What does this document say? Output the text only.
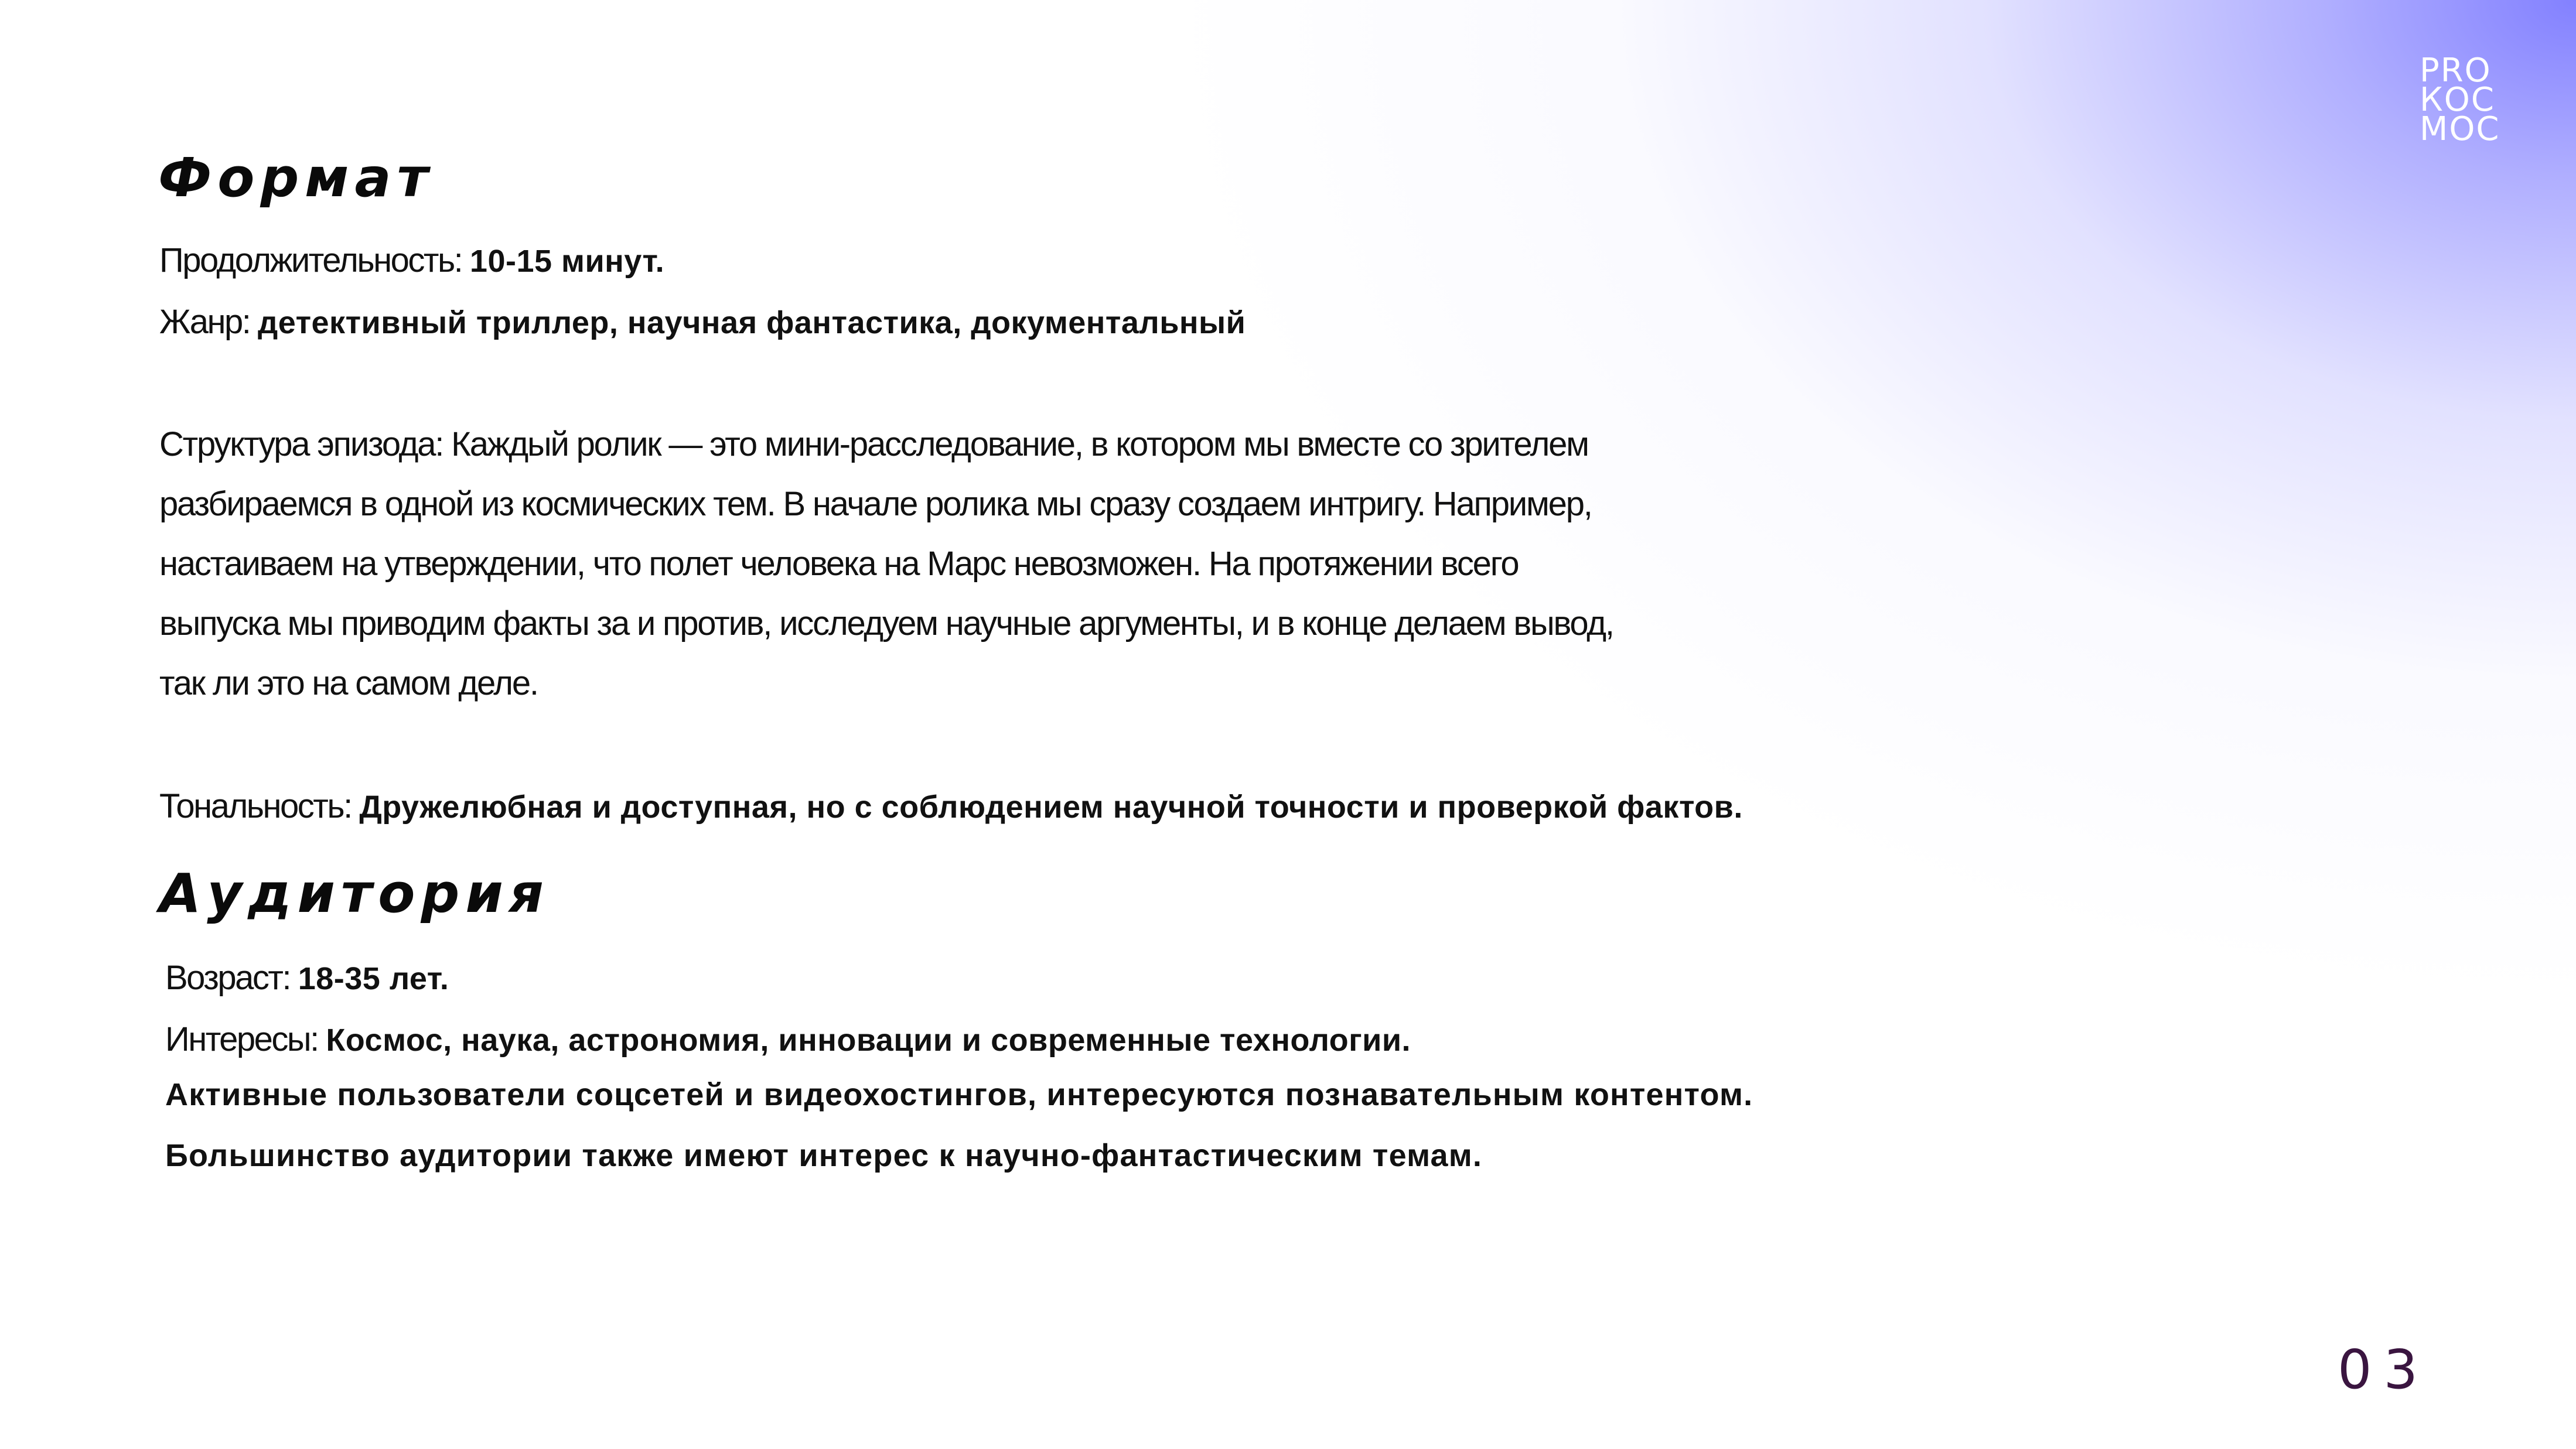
PRO
КОС
МОС
Формат
Продолжительность: 10-15 минут.
Жанр: детективный триллер, научная фантастика, документальный
Структура эпизода: Каждый ролик — это мини-расследование, в котором мы вместе со зрителем
разбираемся в одной из космических тем. В начале ролика мы сразу создаем интригу. Например,
настаиваем на утверждении, что полет человека на Марс невозможен. На протяжении всего
выпуска мы приводим факты за и против, исследуем научные аргументы, и в конце делаем вывод,
так ли это на самом деле.
Тональность: Дружелюбная и доступная, но с соблюдением научной точности и проверкой фактов.
Аудитория
Возраст: 18-35 лет.
Интересы: Космос, наука, астрономия, инновации и современные технологии.
Активные пользователи соцсетей и видеохостингов, интересуются познавательным контентом.
Большинство аудитории также имеют интерес к научно-фантастическим темам.
03
